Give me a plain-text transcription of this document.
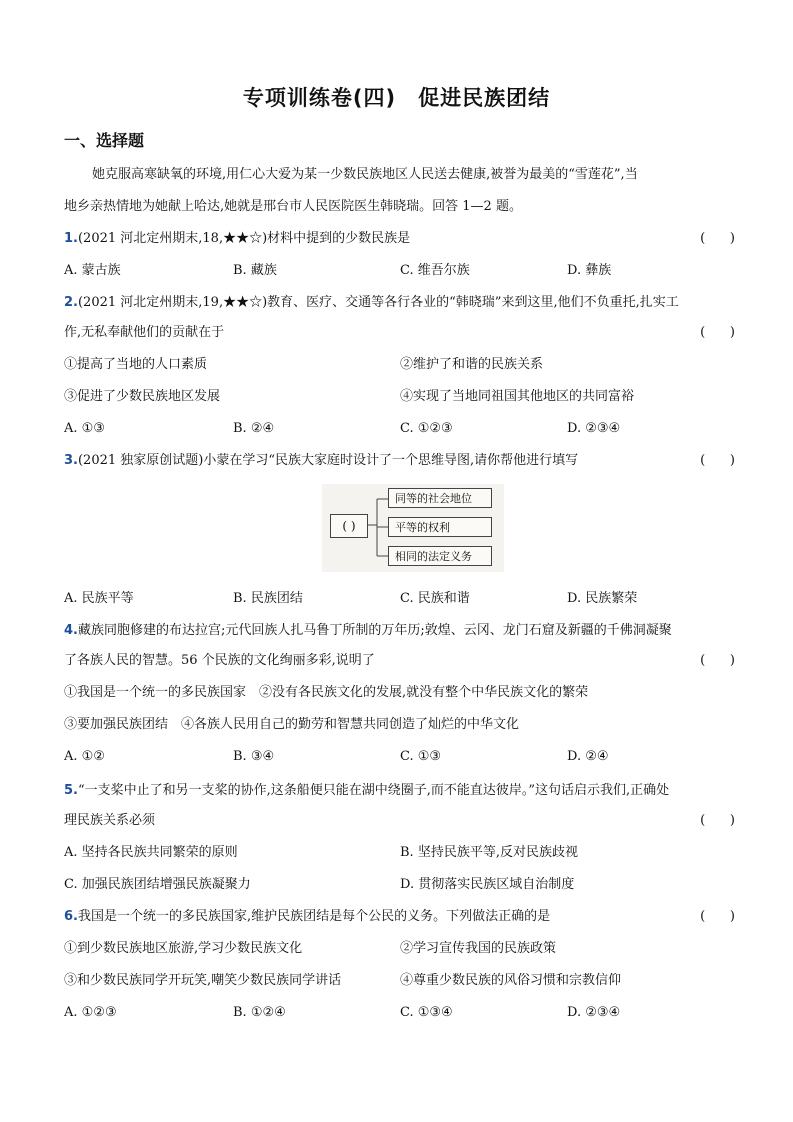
专项训练卷(四) 促进民族团结
一、选择题
她克服高寒缺氧的环境,用仁心大爱为某一少数民族地区人民送去健康,被誉为最美的“雪莲花”,当
地乡亲热情地为她献上哈达,她就是邢台市人民医院医生韩晓瑞。回答 1—2 题。
1.(2021 河北定州期末,18,★★☆)材料中提到的少数民族是	(      )
A. 蒙古族	B. 藏族	C. 维吾尔族	D. 彝族
2.(2021 河北定州期末,19,★★☆)教育、医疗、交通等各行各业的“韩晓瑞”来到这里,他们不负重托,扎实工
作,无私奉献他们的贡献在于	(      )
①提高了当地的人口素质	②维护了和谐的民族关系
③促进了少数民族地区发展	④实现了当地同祖国其他地区的共同富裕
A. ①③	B. ②④	C. ①②③	D. ②③④
3.(2021 独家原创试题)小蒙在学习“民族大家庭时设计了一个思维导图,请你帮他进行填写	(      )
( )
同等的社会地位
平等的权利
相同的法定义务
A. 民族平等	B. 民族团结	C. 民族和谐	D. 民族繁荣
4.藏族同胞修建的布达拉宫;元代回族人扎马鲁丁所制的万年历;敦煌、云冈、龙门石窟及新疆的千佛洞凝聚
了各族人民的智慧。56 个民族的文化绚丽多彩,说明了	(      )
①我国是一个统一的多民族国家　②没有各民族文化的发展,就没有整个中华民族文化的繁荣
③要加强民族团结　④各族人民用自己的勤劳和智慧共同创造了灿烂的中华文化
A. ①②	B. ③④	C. ①③	D. ②④
5.“一支桨中止了和另一支桨的协作,这条船便只能在湖中绕圈子,而不能直达彼岸。”这句话启示我们,正确处
理民族关系必须	(      )
A. 坚持各民族共同繁荣的原则	B. 坚持民族平等,反对民族歧视
C. 加强民族团结增强民族凝聚力	D. 贯彻落实民族区域自治制度
6.我国是一个统一的多民族国家,维护民族团结是每个公民的义务。下列做法正确的是	(      )
①到少数民族地区旅游,学习少数民族文化	②学习宣传我国的民族政策
③和少数民族同学开玩笑,嘲笑少数民族同学讲话	④尊重少数民族的风俗习惯和宗教信仰
A. ①②③	B. ①②④	C. ①③④	D. ②③④
